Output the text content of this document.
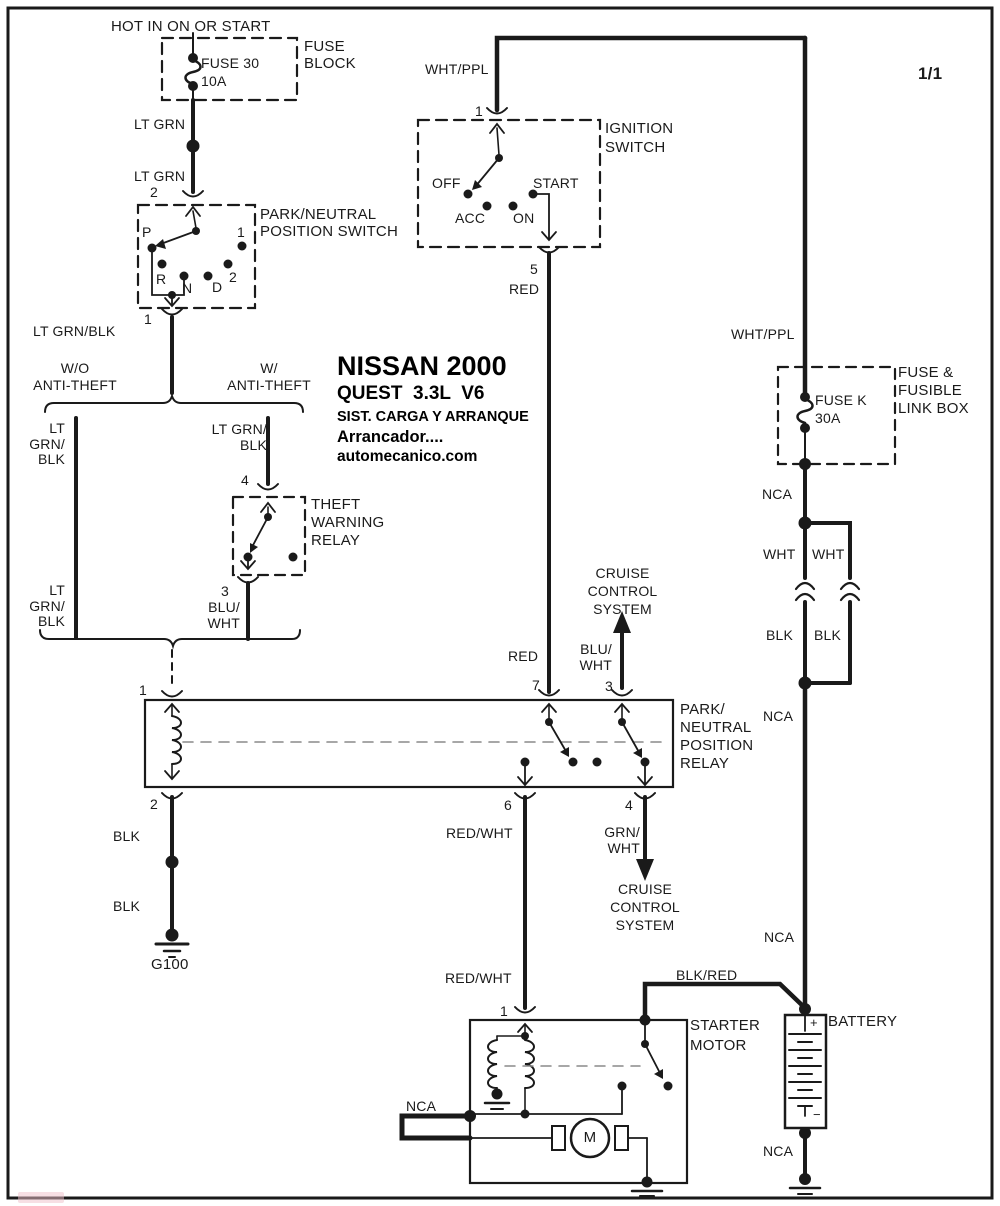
HOT IN ON OR START
FUSE 30
10A
FUSE
BLOCK
LT GRN
LT GRN
2
PARK/NEUTRAL
POSITION SWITCH
P	1
R
N D
2
1
LT GRN/BLK
W/O
ANTI-THEFT
W/
ANTI-THEFT
LT
GRN/
BLK
LT
GRN/
BLK
LT GRN/
BLK
4
THEFT
WARNING
RELAY
3
BLU/
WHT
WHT/PPL
1
IGNITION
SWITCH
OFF
ACC ON
START
5
RED
1/1
NISSAN 2000
QUEST  3.3L  V6
SIST. CARGA Y ARRANQUE
Arrancador....
automecanico.com
WHT/PPL
FUSE K
30A
FUSE &
FUSIBLE
LINK BOX
NCA
WHT WHT
BLK BLK
NCA
RED
CRUISE
CONTROL
SYSTEM
BLU/
WHT
7	3
1
2	6	4
PARK/
NEUTRAL
POSITION
RELAY
BLK
BLK
G100
RED/WHT
RED/WHT
GRN/
WHT
CRUISE
CONTROL
SYSTEM
NCA
BLK/RED
STARTER
MOTOR
1
NCA
M
BATTERY
+
−
NCA
